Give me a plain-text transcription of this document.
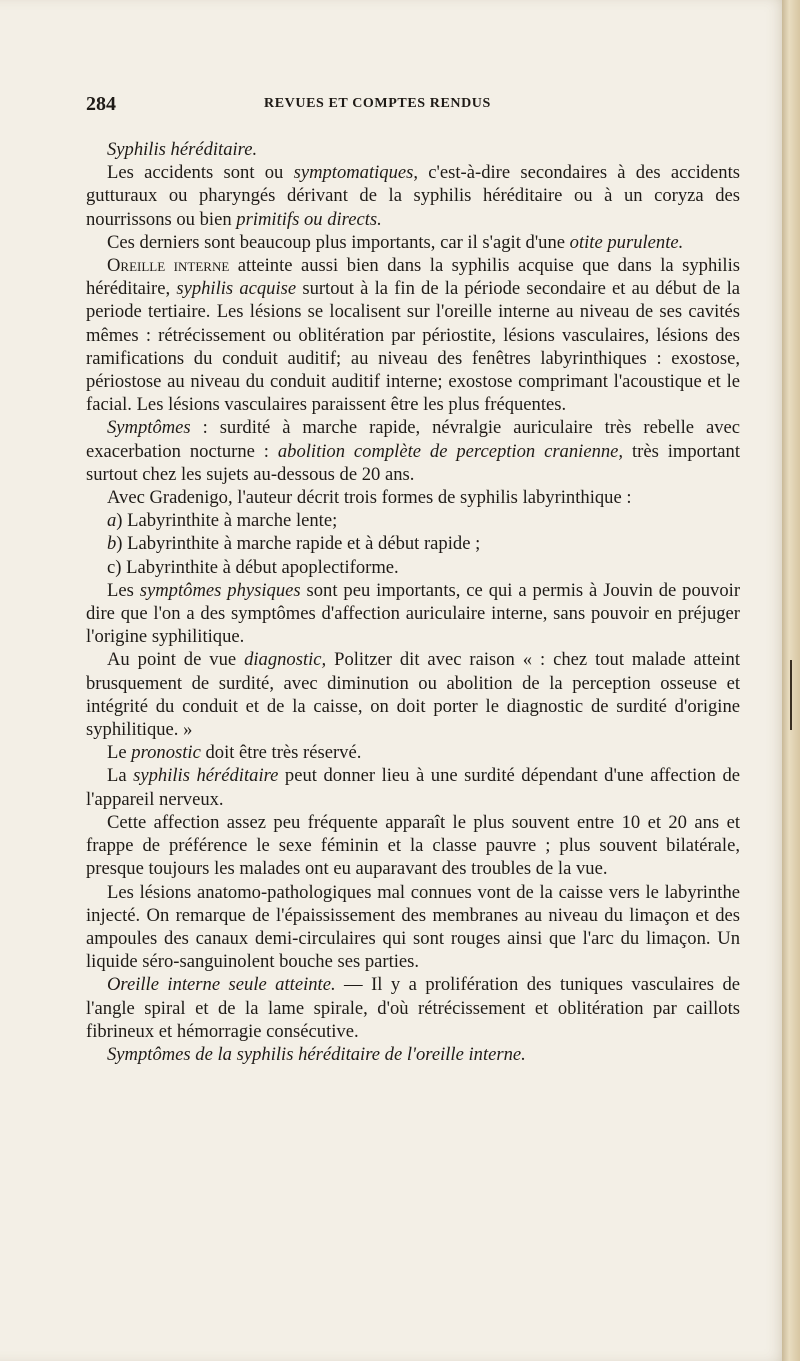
284	REVUES ET COMPTES RENDUS

Syphilis héréditaire.

Les accidents sont ou symptomatiques, c'est-à-dire secondaires à des accidents gutturaux ou pharyngés dérivant de la syphilis héréditaire ou à un coryza des nourrissons ou bien primitifs ou directs.

Ces derniers sont beaucoup plus importants, car il s'agit d'une otite purulente.

Oreille interne atteinte aussi bien dans la syphilis acquise que dans la syphilis héréditaire, syphilis acquise surtout à la fin de la période secondaire et au début de la periode tertiaire. Les lésions se localisent sur l'oreille interne au niveau de ses cavités mêmes : rétrécissement ou oblitération par périostite, lésions vasculaires, lésions des ramifications du conduit auditif; au niveau des fenêtres labyrinthiques : exostose, périostose au niveau du conduit auditif interne; exostose comprimant l'acoustique et le facial. Les lésions vasculaires paraissent être les plus fréquentes.

Symptômes : surdité à marche rapide, névralgie auriculaire très rebelle avec exacerbation nocturne : abolition complète de perception cranienne, très important surtout chez les sujets au-dessous de 20 ans.

Avec Gradenigo, l'auteur décrit trois formes de syphilis labyrinthique :

a) Labyrinthite à marche lente;

b) Labyrinthite à marche rapide et à début rapide ;

c) Labyrinthite à début apoplectiforme.

Les symptômes physiques sont peu importants, ce qui a permis à Jouvin de pouvoir dire que l'on a des symptômes d'affection auriculaire interne, sans pouvoir en préjuger l'origine syphilitique.

Au point de vue diagnostic, Politzer dit avec raison « : chez tout malade atteint brusquement de surdité, avec diminution ou abolition de la perception osseuse et intégrité du conduit et de la caisse, on doit porter le diagnostic de surdité d'origine syphilitique. »

Le pronostic doit être très réservé.

La syphilis héréditaire peut donner lieu à une surdité dépendant d'une affection de l'appareil nerveux.

Cette affection assez peu fréquente apparaît le plus souvent entre 10 et 20 ans et frappe de préférence le sexe féminin et la classe pauvre ; plus souvent bilatérale, presque toujours les malades ont eu auparavant des troubles de la vue.

Les lésions anatomo-pathologiques mal connues vont de la caisse vers le labyrinthe injecté. On remarque de l'épaississement des membranes au niveau du limaçon et des ampoules des canaux demi-circulaires qui sont rouges ainsi que l'arc du limaçon. Un liquide séro-sanguinolent bouche ses parties.

Oreille interne seule atteinte. — Il y a prolifération des tuniques vasculaires de l'angle spiral et de la lame spirale, d'où rétrécissement et oblitération par caillots fibrineux et hémorragie consécutive.

Symptômes de la syphilis héréditaire de l'oreille interne.
